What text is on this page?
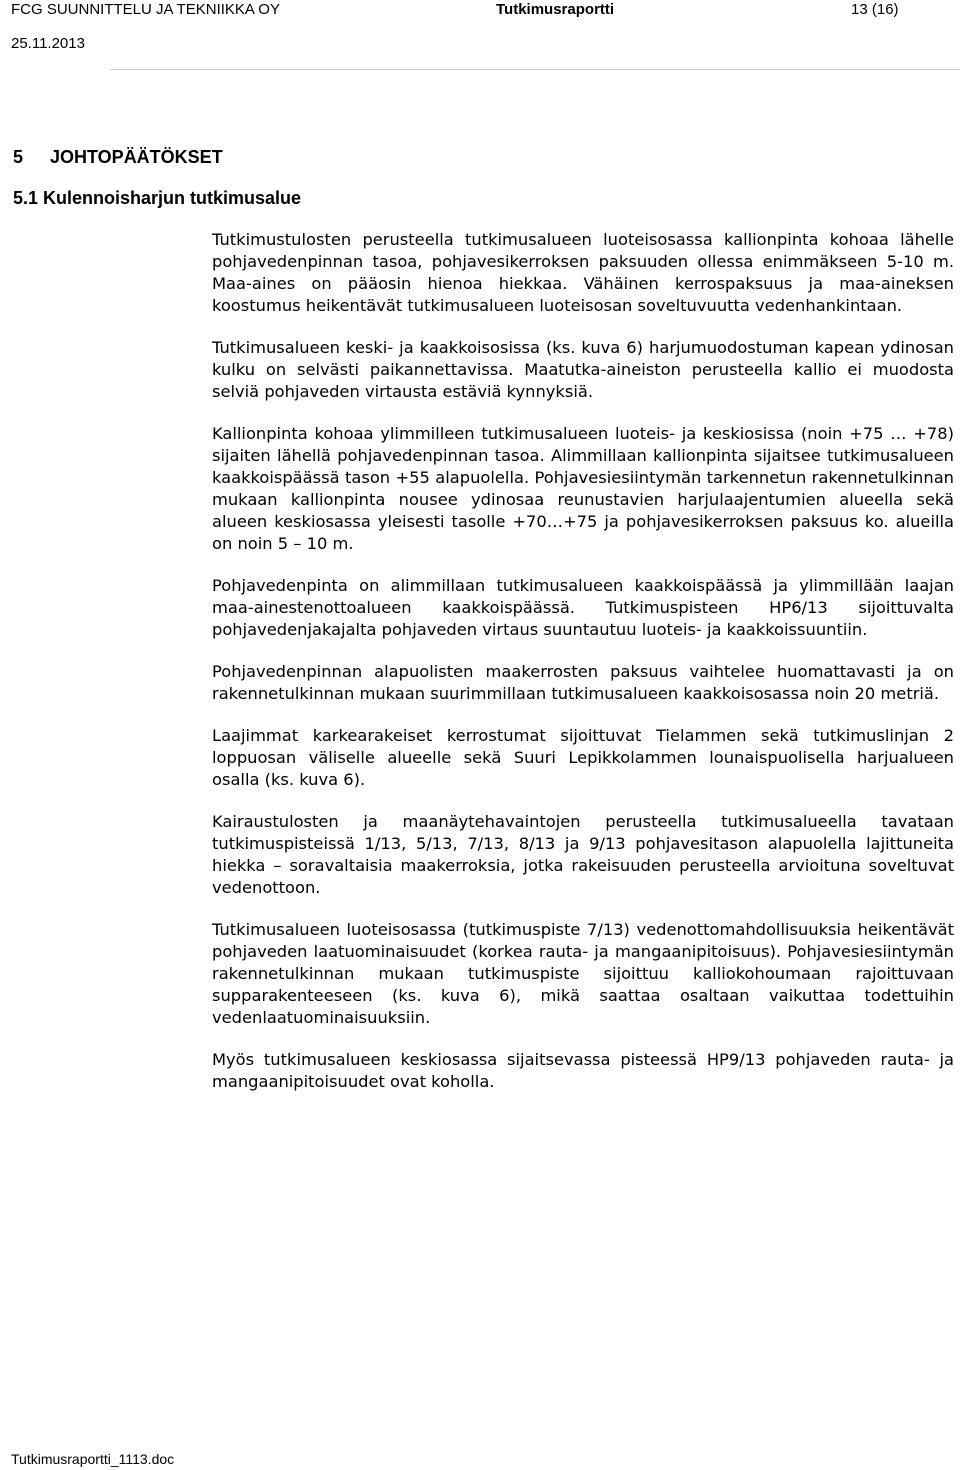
FCG SUUNNITTELU JA TEKNIIKKA OY
25.11.2013
Tutkimusraportti	13 (16)
5 JOHTOPÄÄTÖKSET
5.1 Kulennoisharjun tutkimusalue

Tutkimustulosten perusteella tutkimusalueen luoteisosassa kallionpinta kohoaa lähelle pohjavedenpinnan tasoa, pohjavesikerroksen paksuuden ollessa enimmäkseen 5-10 m. Maa-aines on pääosin hienoa hiekkaa. Vähäinen kerrospaksuus ja maa-aineksen koostumus heikentävät tutkimusalueen luoteisosan soveltuvuutta vedenhankintaan.

Tutkimusalueen keski- ja kaakkoisosissa (ks. kuva 6) harjumuodostuman kapean ydinosan kulku on selvästi paikannettavissa. Maatutka-aineiston perusteella kallio ei muodosta selviä pohjaveden virtausta estäviä kynnyksiä.

Kallionpinta kohoaa ylimmilleen tutkimusalueen luoteis- ja keskiosissa (noin +75 … +78) sijaiten lähellä pohjavedenpinnan tasoa. Alimmillaan kallionpinta sijaitsee tutkimusalueen kaakkoispäässä tason +55 alapuolella. Pohjavesiesiintymän tarkennetun rakennetulkinnan mukaan kallionpinta nousee ydinosaa reunustavien harjulaajentumien alueella sekä alueen keskiosassa yleisesti tasolle +70…+75 ja pohjavesikerroksen paksuus ko. alueilla on noin 5 – 10 m.

Pohjavedenpinta on alimmillaan tutkimusalueen kaakkoispäässä ja ylimmillään laajan maa-ainestenottoalueen kaakkoispäässä. Tutkimuspisteen HP6/13 sijoittuvalta pohjavedenjakajalta pohjaveden virtaus suuntautuu luoteis- ja kaakkoissuuntiin.

Pohjavedenpinnan alapuolisten maakerrosten paksuus vaihtelee huomattavasti ja on rakennetulkinnan mukaan suurimmillaan tutkimusalueen kaakkoisosassa noin 20 metriä.

Laajimmat karkearakeiset kerrostumat sijoittuvat Tielammen sekä tutkimuslinjan 2 loppuosan väliselle alueelle sekä Suuri Lepikkolammen lounaispuolisella harjualueen osalla (ks. kuva 6).

Kairaustulosten ja maanäytehavaintojen perusteella tutkimusalueella tavataan tutkimuspisteissä 1/13, 5/13, 7/13, 8/13 ja 9/13 pohjavesitason alapuolella lajittuneita hiekka – soravaltaisia maakerroksia, jotka rakeisuuden perusteella arvioituna soveltuvat vedenottoon.

Tutkimusalueen luoteisosassa (tutkimuspiste 7/13) vedenottomahdollisuuksia heikentävät pohjaveden laatuominaisuudet (korkea rauta- ja mangaanipitoisuus). Pohjavesiesiintymän rakennetulkinnan mukaan tutkimuspiste sijoittuu kalliokohoumaan rajoittuvaan supparakenteeseen (ks. kuva 6), mikä saattaa osaltaan vaikuttaa todettuihin vedenlaatuominaisuuksiin.

Myös tutkimusalueen keskiosassa sijaitsevassa pisteessä HP9/13 pohjaveden rauta- ja mangaanipitoisuudet ovat koholla.

Tutkimusraportti_1113.doc
